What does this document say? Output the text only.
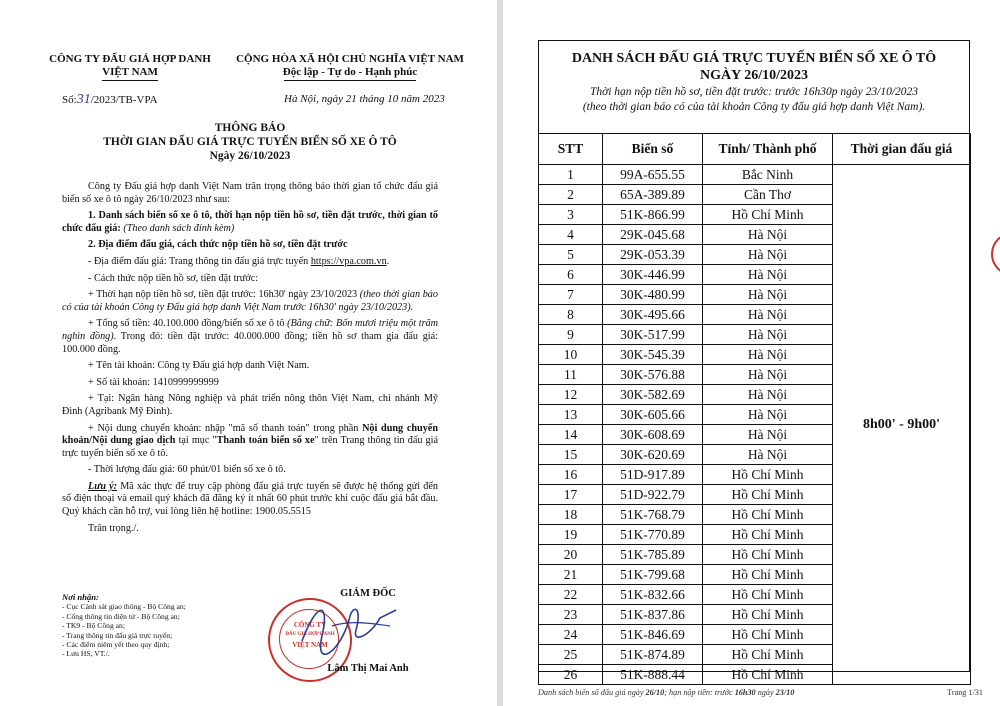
CÔNG TY ĐẤU GIÁ HỢP DANH
VIỆT NAM
CỘNG HÒA XÃ HỘI CHỦ NGHĨA VIỆT NAM
Độc lập - Tự do - Hạnh phúc
Số:31/2023/TB-VPA	Hà Nội, ngày 21 tháng 10 năm 2023
THÔNG BÁO
THỜI GIAN ĐẤU GIÁ TRỰC TUYẾN BIỂN SỐ XE Ô TÔ
Ngày 26/10/2023

Công ty Đấu giá hợp danh Việt Nam trân trọng thông báo thời gian tổ chức đấu giá biển số xe ô tô ngày 26/10/2023 như sau:

1. Danh sách biển số xe ô tô, thời hạn nộp tiền hồ sơ, tiền đặt trước, thời gian tổ chức đấu giá: (Theo danh sách đính kèm)

2. Địa điểm đấu giá, cách thức nộp tiền hồ sơ, tiền đặt trước

- Địa điểm đấu giá: Trang thông tin đấu giá trực tuyến https://vpa.com.vn.

- Cách thức nộp tiền hồ sơ, tiền đặt trước:

+ Thời hạn nộp tiền hồ sơ, tiền đặt trước: 16h30' ngày 23/10/2023 (theo thời gian báo có của tài khoản Công ty Đấu giá hợp danh Việt Nam trước 16h30' ngày 23/10/2023).

+ Tổng số tiền: 40.100.000 đồng/biển số xe ô tô (Bằng chữ: Bốn mươi triệu một trăm nghìn đồng). Trong đó: tiền đặt trước: 40.000.000 đồng; tiền hồ sơ tham gia đấu giá: 100.000 đồng.

+ Tên tài khoản: Công ty Đấu giá hợp danh Việt Nam.

+ Số tài khoản: 1410999999999

+ Tại: Ngân hàng Nông nghiệp và phát triển nông thôn Việt Nam, chi nhánh Mỹ Đình (Agribank Mỹ Đình).

+ Nội dung chuyển khoản: nhập "mã số thanh toán" trong phần Nội dung chuyển khoản/Nội dung giao dịch tại mục "Thanh toán biển số xe" trên Trang thông tin đấu giá trực tuyến biển số xe ô tô.

- Thời lượng đấu giá: 60 phút/01 biển số xe ô tô.

Lưu ý: Mã xác thực để truy cập phòng đấu giá trực tuyến sẽ được hệ thống gửi đến số điện thoại và email quý khách đã đăng ký ít nhất 60 phút trước khi cuộc đấu giá bắt đầu. Quý khách cần hỗ trợ, vui lòng liên hệ hotline: 1900.05.5515

Trân trọng./.

Nơi nhận:
- Cục Cảnh sát giao thông - Bộ Công an;
- Cổng thông tin điện tử - Bộ Công an;
- TK9 - Bộ Công an;
- Trang thông tin đấu giá trực tuyến;
- Các điểm niêm yết theo quy định;
- Lưu HS, VT./.
GIÁM ĐỐC
CÔNG TY
ĐẤU GIÁ HỢP DANH
VIỆT NAM
Lâm Thị Mai Anh
DANH SÁCH ĐẤU GIÁ TRỰC TUYẾN BIỂN SỐ XE Ô TÔ
NGÀY 26/10/2023
Thời hạn nộp tiền hồ sơ, tiền đặt trước: trước 16h30p ngày 23/10/2023
(theo thời gian báo có của tài khoản Công ty đấu giá hợp danh Việt Nam).
STT	Biển số	Tỉnh/ Thành phố	Thời gian đấu giá
1	99A-655.55	Bắc Ninh	8h00' - 9h00'
2	65A-389.89	Cần Thơ	
3	51K-866.99	Hồ Chí Minh	
4	29K-045.68	Hà Nội	
5	29K-053.39	Hà Nội	
6	30K-446.99	Hà Nội	
7	30K-480.99	Hà Nội	
8	30K-495.66	Hà Nội	
9	30K-517.99	Hà Nội	
10	30K-545.39	Hà Nội	
11	30K-576.88	Hà Nội	
12	30K-582.69	Hà Nội	
13	30K-605.66	Hà Nội	
14	30K-608.69	Hà Nội	
15	30K-620.69	Hà Nội	
16	51D-917.89	Hồ Chí Minh	
17	51D-922.79	Hồ Chí Minh	
18	51K-768.79	Hồ Chí Minh	
19	51K-770.89	Hồ Chí Minh	
20	51K-785.89	Hồ Chí Minh	
21	51K-799.68	Hồ Chí Minh	
22	51K-832.66	Hồ Chí Minh	
23	51K-837.86	Hồ Chí Minh	
24	51K-846.69	Hồ Chí Minh	
25	51K-874.89	Hồ Chí Minh	
26	51K-888.44	Hồ Chí Minh	
Danh sách biển số đấu giá ngày 26/10; hạn nộp tiền: trước 16h30 ngày 23/10	Trang 1/31
